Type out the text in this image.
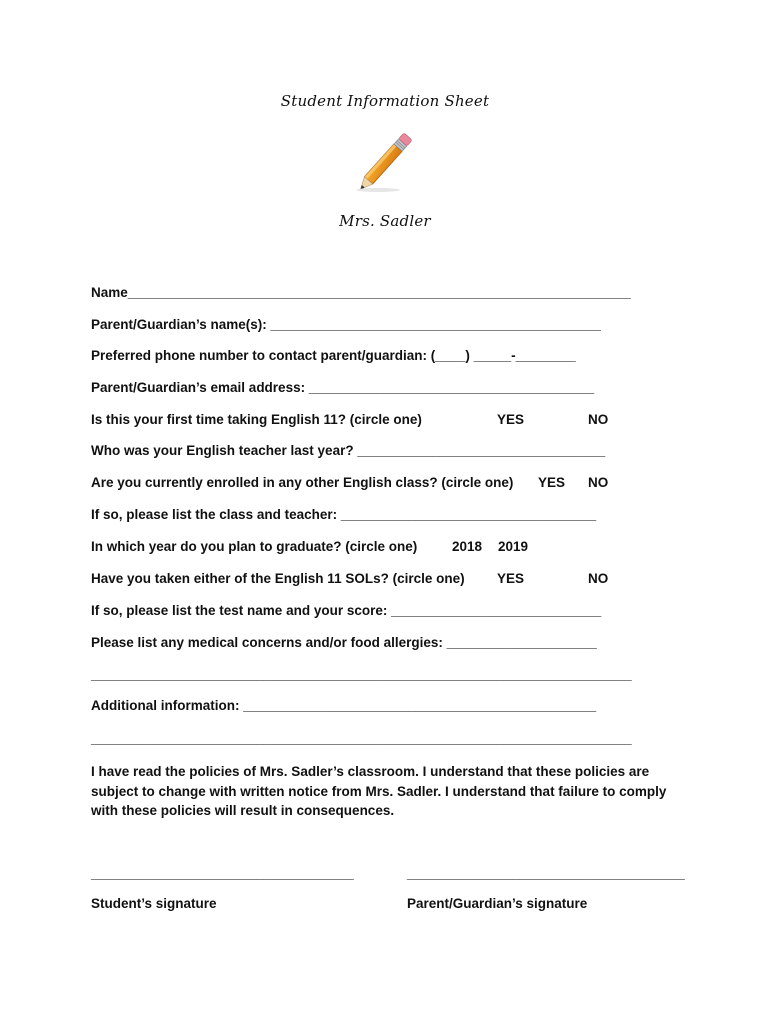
Student Information Sheet
Mrs. Sadler
Name___________________________________________________________________
Parent/Guardian’s name(s): ____________________________________________
Preferred phone number to contact parent/guardian: (____) _____-________
Parent/Guardian’s email address: ______________________________________
Is this your first time taking English 11? (circle one)	YES	NO
Who was your English teacher last year? _________________________________
Are you currently enrolled in any other English class? (circle one) YES NO
If so, please list the class and teacher: __________________________________
In which year do you plan to graduate? (circle one)	2018 2019
Have you taken either of the English 11 SOLs? (circle one) YES	NO
If so, please list the test name and your score: ____________________________
Please list any medical concerns and/or food allergies: ____________________
________________________________________________________________________
Additional information: _______________________________________________
________________________________________________________________________
I have read the policies of Mrs. Sadler’s classroom. I understand that these policies are subject to change with written notice from Mrs. Sadler. I understand that failure to comply with these policies will result in consequences.
___________________________________	_____________________________________
Student’s signature	Parent/Guardian’s signature
